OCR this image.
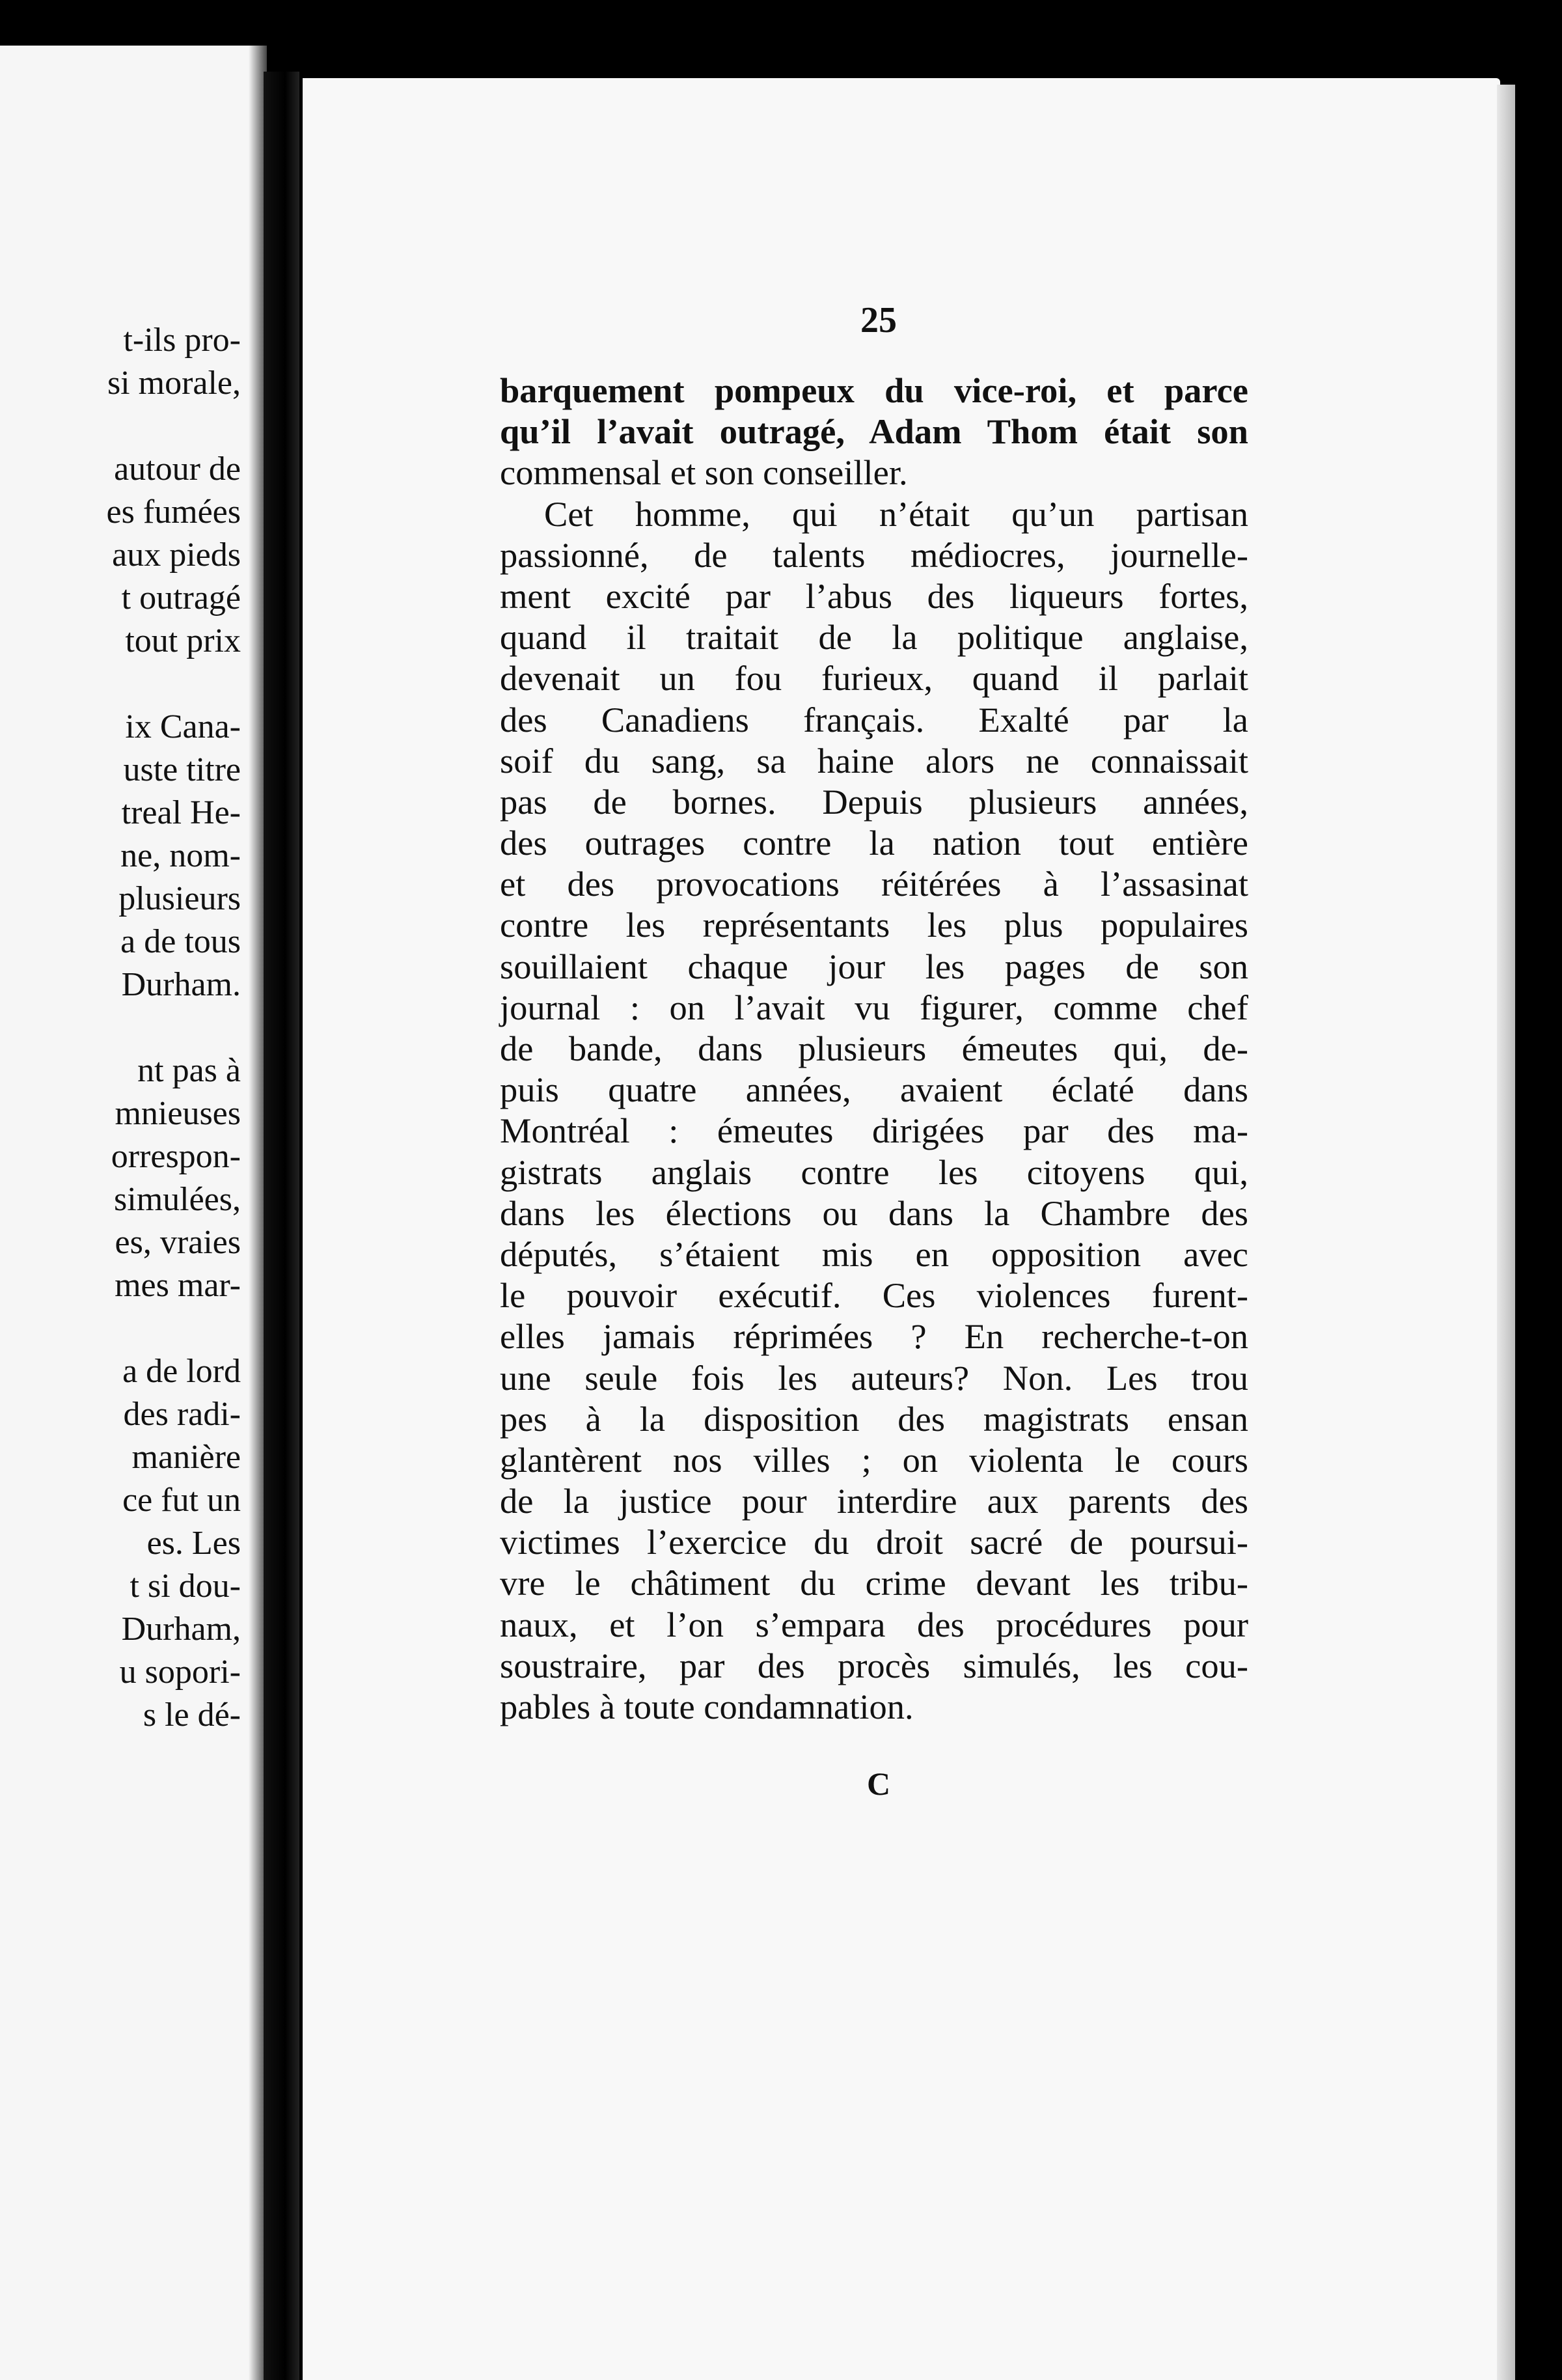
t-ils pro-
si morale,
autour de
es fumées
aux pieds
t outragé
tout prix
ix Cana-
uste titre
treal He-
ne, nom-
plusieurs
a de tous
Durham.
nt pas à
mnieuses
orrespon-
simulées,
es, vraies
mes mar-
a de lord
des radi-
manière
ce fut un
es. Les
t si dou-
Durham,
u sopori-
s le dé-
25
barquement pompeux du vice-roi, et parce
qu’il l’avait outragé, Adam Thom était son
commensal et son conseiller.
Cet homme, qui n’était qu’un partisan
passionné, de talents médiocres, journelle-
ment excité par l’abus des liqueurs fortes,
quand il traitait de la politique anglaise,
devenait un fou furieux, quand il parlait
des Canadiens français. Exalté par la
soif du sang, sa haine alors ne connaissait
pas de bornes. Depuis plusieurs années,
des outrages contre la nation tout entière
et des provocations réitérées à l’assasinat
contre les représentants les plus populaires
souillaient chaque jour les pages de son
journal : on l’avait vu figurer, comme chef
de bande, dans plusieurs émeutes qui, de-
puis quatre années, avaient éclaté dans
Montréal : émeutes dirigées par des ma-
gistrats anglais contre les citoyens qui,
dans les élections ou dans la Chambre des
députés, s’étaient mis en opposition avec
le pouvoir exécutif. Ces violences furent-
elles jamais réprimées ? En recherche-t-on
une seule fois les auteurs? Non. Les trou
pes à la disposition des magistrats ensan
glantèrent nos villes ; on violenta le cours
de la justice pour interdire aux parents des
victimes l’exercice du droit sacré de poursui-
vre le châtiment du crime devant les tribu-
naux, et l’on s’empara des procédures pour
soustraire, par des procès simulés, les cou-
pables à toute condamnation.
C
